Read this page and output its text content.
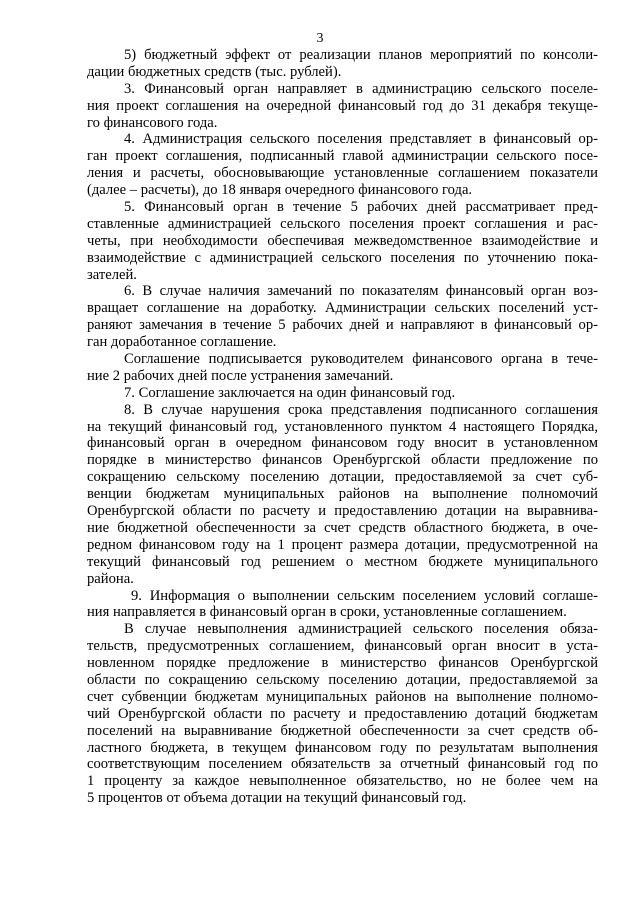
3
5) бюджетный эффект от реализации планов мероприятий по консоли-
дации бюджетных средств (тыс. рублей).
3. Финансовый орган направляет в администрацию сельского поселе-
ния проект соглашения на очередной финансовый год до 31 декабря текуще-
го финансового года.
4. Администрация сельского поселения представляет в финансовый ор-
ган проект соглашения, подписанный главой администрации сельского посе-
ления и расчеты, обосновывающие установленные соглашением показатели
(далее – расчеты), до 18 января очередного финансового года.
5. Финансовый орган в течение 5 рабочих дней рассматривает пред-
ставленные администрацией сельского поселения проект соглашения и рас-
четы, при необходимости обеспечивая межведомственное взаимодействие и
взаимодействие с администрацией сельского поселения по уточнению пока-
зателей.
6. В случае наличия замечаний по показателям финансовый орган воз-
вращает соглашение на доработку. Администрации сельских поселений уст-
раняют замечания в течение 5 рабочих дней и направляют в финансовый ор-
ган доработанное соглашение.
Соглашение подписывается руководителем финансового органа в тече-
ние 2 рабочих дней после устранения замечаний.
7. Соглашение заключается на один финансовый год.
8. В случае нарушения срока представления подписанного соглашения
на текущий финансовый год, установленного пунктом 4 настоящего Порядка,
финансовый орган в очередном финансовом году вносит в установленном
порядке в министерство финансов Оренбургской области предложение по
сокращению сельскому поселению дотации, предоставляемой за счет суб-
венции бюджетам муниципальных районов на выполнение полномочий
Оренбургской области по расчету и предоставлению дотации на выравнива-
ние бюджетной обеспеченности за счет средств областного бюджета, в оче-
редном финансовом году на 1 процент размера дотации, предусмотренной на
текущий финансовый год решением о местном бюджете муниципального
района.
9. Информация о выполнении сельским поселением условий соглаше-
ния направляется в финансовый орган в сроки, установленные соглашением.
В случае невыполнения администрацией сельского поселения обяза-
тельств, предусмотренных соглашением, финансовый орган вносит в уста-
новленном порядке предложение в министерство финансов Оренбургской
области по сокращению сельскому поселению дотации, предоставляемой за
счет субвенции бюджетам муниципальных районов на выполнение полномо-
чий Оренбургской области по расчету и предоставлению дотаций бюджетам
поселений на выравнивание бюджетной обеспеченности за счет средств об-
ластного бюджета, в текущем финансовом году по результатам выполнения
соответствующим поселением обязательств за отчетный финансовый год по
1 проценту за каждое невыполненное обязательство, но не более чем на
5 процентов от объема дотации на текущий финансовый год.
